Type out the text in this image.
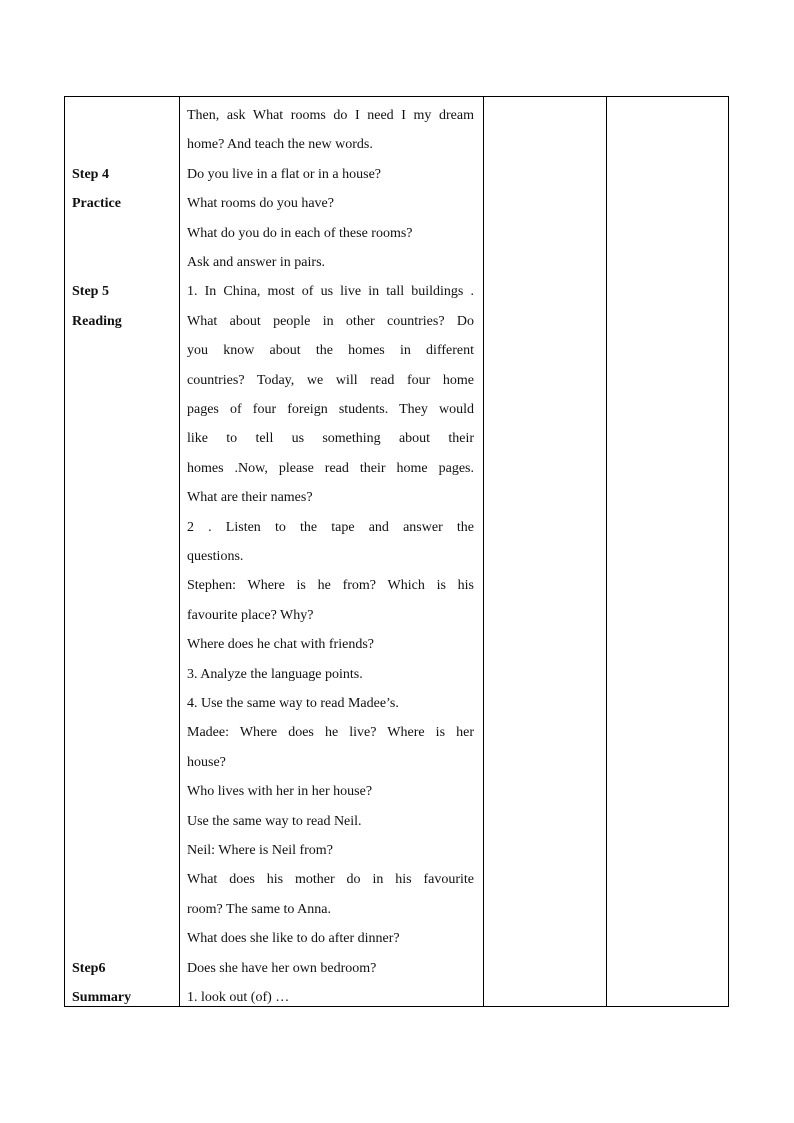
Step 4
Practice
Step 5
Reading
Step6
Summary
Then, ask What rooms do I need I my dream
home? And teach the new words.
Do you live in a flat or in a house?
What rooms do you have?
What do you do in each of these rooms?
Ask and answer in pairs.
1. In China, most of us live in tall buildings .
What about people in other countries? Do
you know about the homes in different
countries? Today, we will read four home
pages of four foreign students. They would
like to tell us something about their
homes .Now, please read their home pages.
What are their names?
2 . Listen to the tape and answer the
questions.
Stephen: Where is he from? Which is his
favourite place? Why?
Where does he chat with friends?
3. Analyze the language points.
4. Use the same way to read Madee’s.
Madee: Where does he live? Where is her
house?
Who lives with her in her house?
Use the same way to read Neil.
Neil: Where is Neil from?
What does his mother do in his favourite
room? The same to Anna.
What does she like to do after dinner?
Does she have her own bedroom?
1. look out (of) …
